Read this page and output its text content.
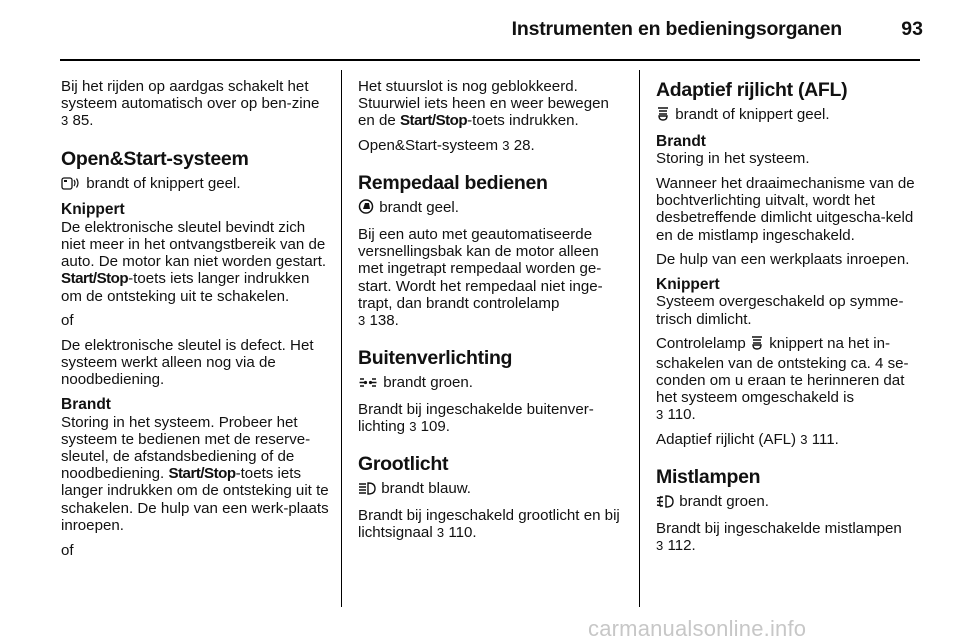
Instrumenten en bedieningsorganen	93

Bij het rijden op aardgas schakelt het systeem automatisch over op ben-zine 3 85.

Open&Start-systeem

brandt of knippert geel.

Knippert

De elektronische sleutel bevindt zich niet meer in het ontvangstbereik van de auto. De motor kan niet worden gestart. Start/Stop-toets iets langer indrukken om de ontsteking uit te schakelen.

of

De elektronische sleutel is defect. Het systeem werkt alleen nog via de noodbediening.

Brandt

Storing in het systeem. Probeer het systeem te bedienen met de reserve-sleutel, de afstandsbediening of de noodbediening. Start/Stop-toets iets langer indrukken om de ontsteking uit te schakelen. De hulp van een werk-plaats inroepen.

of

Het stuurslot is nog geblokkeerd. Stuurwiel iets heen en weer bewegen en de Start/Stop-toets indrukken.

Open&Start-systeem 3 28.

Rempedaal bedienen

brandt geel.

Bij een auto met geautomatiseerde versnellingsbak kan de motor alleen met ingetrapt rempedaal worden ge-start. Wordt het rempedaal niet inge-trapt, dan brandt controlelamp
3 138.

Buitenverlichting

brandt groen.

Brandt bij ingeschakelde buitenver-lichting 3 109.

Grootlicht

brandt blauw.

Brandt bij ingeschakeld grootlicht en bij lichtsignaal 3 110.

Adaptief rijlicht (AFL)

brandt of knippert geel.

Brandt

Storing in het systeem.

Wanneer het draaimechanisme van de bochtverlichting uitvalt, wordt het desbetreffende dimlicht uitgescha-keld en de mistlamp ingeschakeld.

De hulp van een werkplaats inroepen.

Knippert

Systeem overgeschakeld op symme-trisch dimlicht.

Controlelamp knippert na het in-schakelen van de ontsteking ca. 4 se-conden om u eraan te herinneren dat het systeem omgeschakeld is
3 110.

Adaptief rijlicht (AFL) 3 111.

Mistlampen

brandt groen.

Brandt bij ingeschakelde mistlampen
3 112.

carmanualsonline.info
